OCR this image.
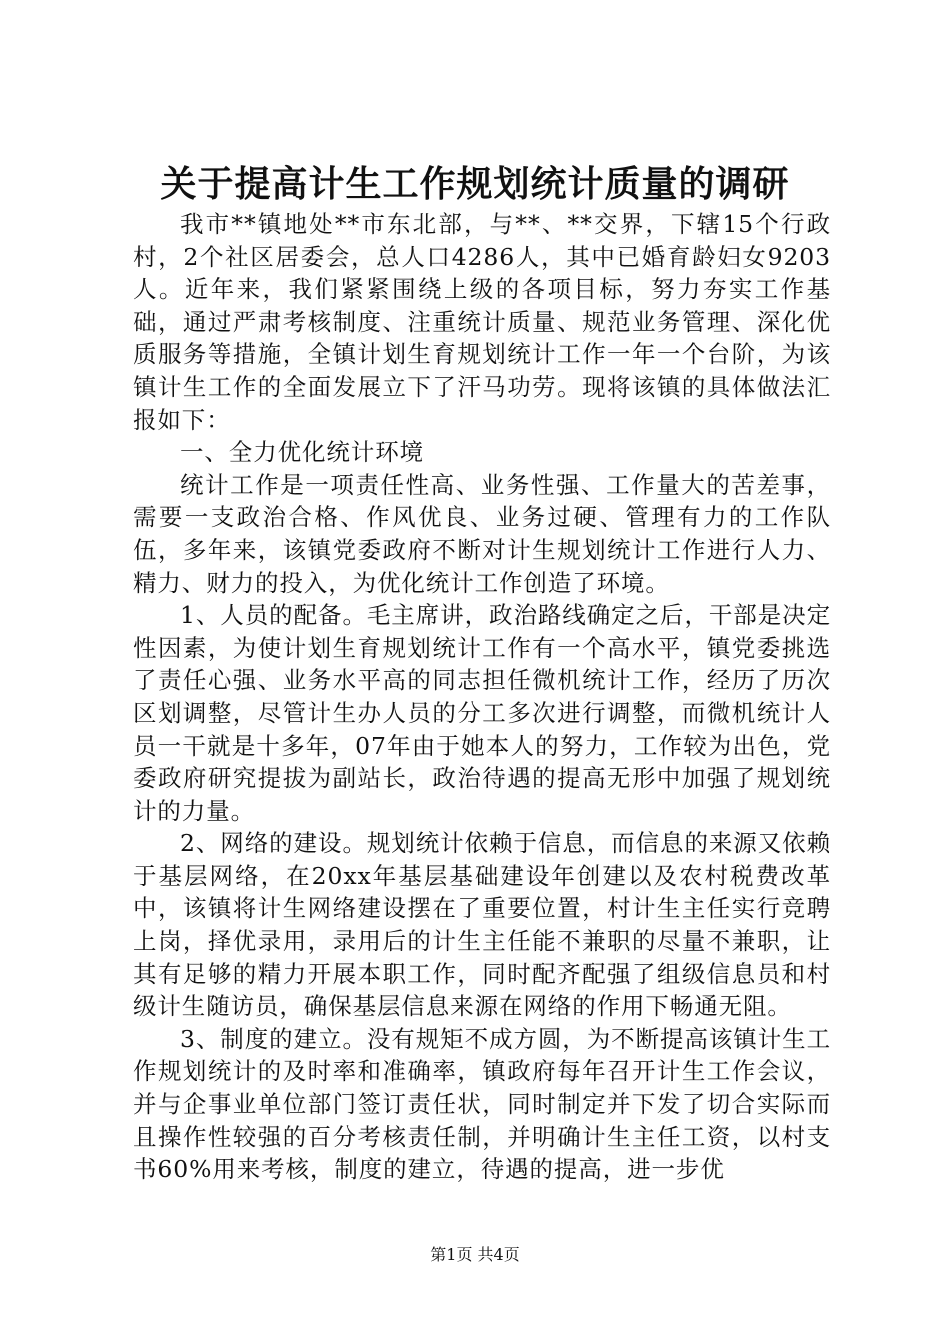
关于提高计生工作规划统计质量的调研

我市**镇地处**市东北部，与**、**交界，下辖15个行政村，2个社区居委会，总人口4286人，其中已婚育龄妇女9203人。近年来，我们紧紧围绕上级的各项目标，努力夯实工作基础，通过严肃考核制度、注重统计质量、规范业务管理、深化优质服务等措施，全镇计划生育规划统计工作一年一个台阶，为该镇计生工作的全面发展立下了汗马功劳。现将该镇的具体做法汇报如下：

一、全力优化统计环境

统计工作是一项责任性高、业务性强、工作量大的苦差事，需要一支政治合格、作风优良、业务过硬、管理有力的工作队伍，多年来，该镇党委政府不断对计生规划统计工作进行人力、精力、财力的投入，为优化统计工作创造了环境。

1、人员的配备。毛主席讲，政治路线确定之后，干部是决定性因素，为使计划生育规划统计工作有一个高水平，镇党委挑选了责任心强、业务水平高的同志担任微机统计工作，经历了历次区划调整，尽管计生办人员的分工多次进行调整，而微机统计人员一干就是十多年，07年由于她本人的努力，工作较为出色，党委政府研究提拔为副站长，政治待遇的提高无形中加强了规划统计的力量。

2、网络的建设。规划统计依赖于信息，而信息的来源又依赖于基层网络，在20xx年基层基础建设年创建以及农村税费改革中，该镇将计生网络建设摆在了重要位置，村计生主任实行竞聘上岗，择优录用，录用后的计生主任能不兼职的尽量不兼职，让其有足够的精力开展本职工作，同时配齐配强了组级信息员和村级计生随访员，确保基层信息来源在网络的作用下畅通无阻。

3、制度的建立。没有规矩不成方圆，为不断提高该镇计生工作规划统计的及时率和准确率，镇政府每年召开计生工作会议，并与企事业单位部门签订责任状，同时制定并下发了切合实际而且操作性较强的百分考核责任制，并明确计生主任工资，以村支书60%用来考核，制度的建立，待遇的提高，进一步优

第1页 共4页
